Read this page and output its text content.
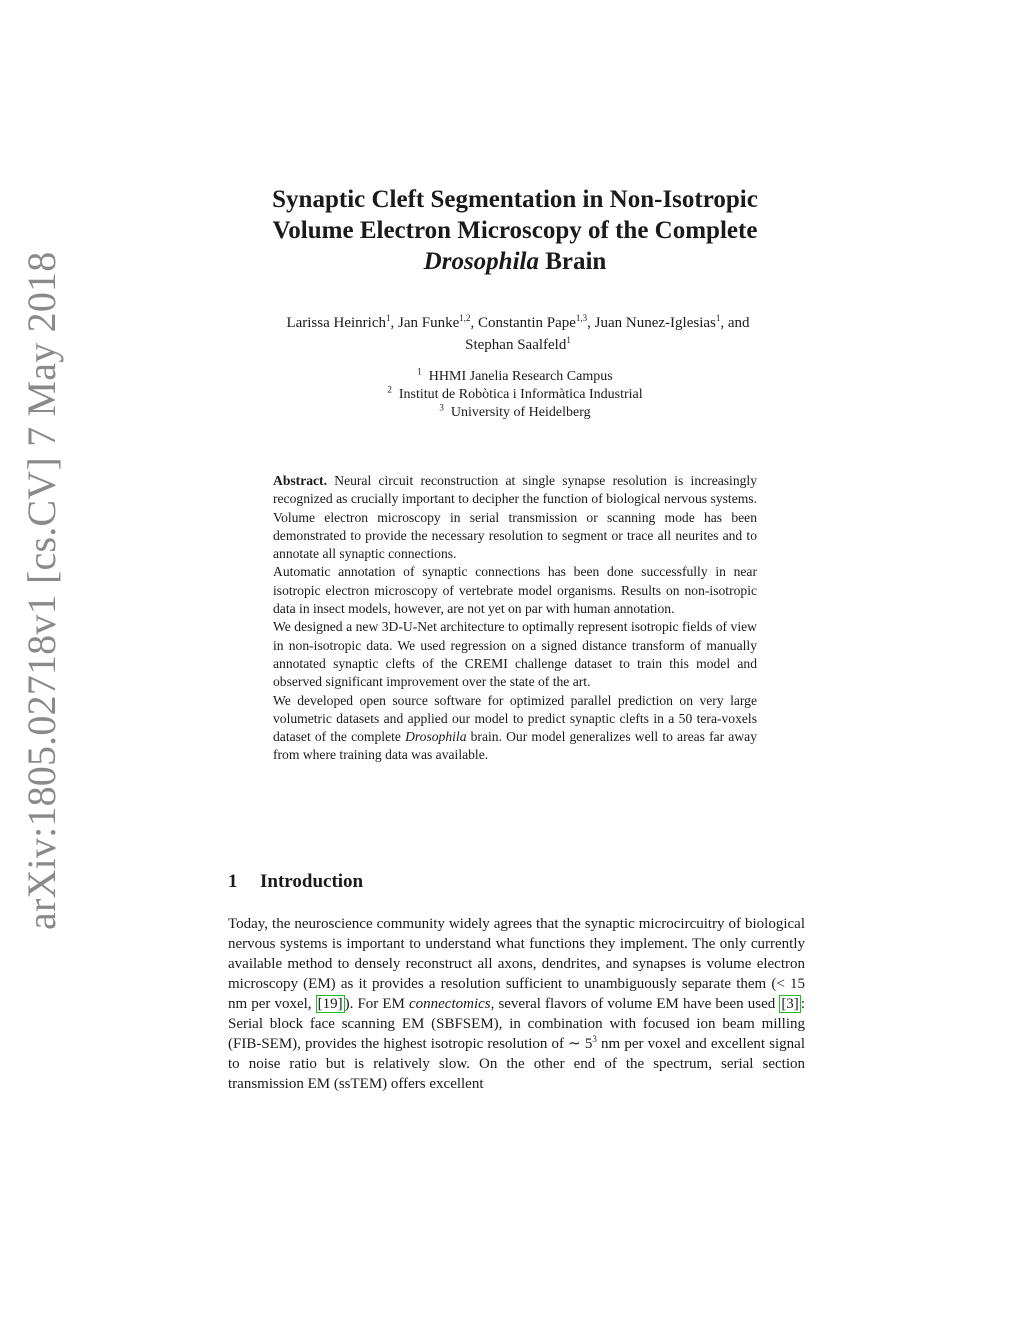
arXiv:1805.02718v1 [cs.CV] 7 May 2018
Synaptic Cleft Segmentation in Non-Isotropic
Volume Electron Microscopy of the Complete
Drosophila Brain
Larissa Heinrich$^1$, Jan Funke$^{1,2}$, Constantin Pape$^{1,3}$, Juan Nunez-Iglesias$^1$, and
Stephan Saalfeld$^1$
$^1$ HHMI Janelia Research Campus
$^2$ Institut de Robòtica i Informàtica Industrial
$^3$ University of Heidelberg

Abstract. Neural circuit reconstruction at single synapse resolution is increasingly recognized as crucially important to decipher the function of biological nervous systems. Volume electron microscopy in serial transmission or scanning mode has been demonstrated to provide the necessary resolution to segment or trace all neurites and to annotate all synaptic connections.

Automatic annotation of synaptic connections has been done successfully in near isotropic electron microscopy of vertebrate model organisms. Results on non-isotropic data in insect models, however, are not yet on par with human annotation.

We designed a new 3D-U-Net architecture to optimally represent isotropic fields of view in non-isotropic data. We used regression on a signed distance transform of manually annotated synaptic clefts of the CREMI challenge dataset to train this model and observed significant improvement over the state of the art.

We developed open source software for optimized parallel prediction on very large volumetric datasets and applied our model to predict synaptic clefts in a 50 tera-voxels dataset of the complete Drosophila brain. Our model generalizes well to areas far away from where training data was available.

1 Introduction

Today, the neuroscience community widely agrees that the synaptic microcircuitry of biological nervous systems is important to understand what functions they implement. The only currently available method to densely reconstruct all axons, dendrites, and synapses is volume electron microscopy (EM) as it provides a resolution sufficient to unambiguously separate them (< 15 nm per voxel, [19] ). For EM connectomics, several flavors of volume EM have been used [3] : Serial block face scanning EM (SBFSEM), in combination with focused ion beam milling (FIB-SEM), provides the highest isotropic resolution of ∼ $5^3$ nm per voxel and excellent signal to noise ratio but is relatively slow. On the other end of the spectrum, serial section transmission EM (ssTEM) offers excellent
